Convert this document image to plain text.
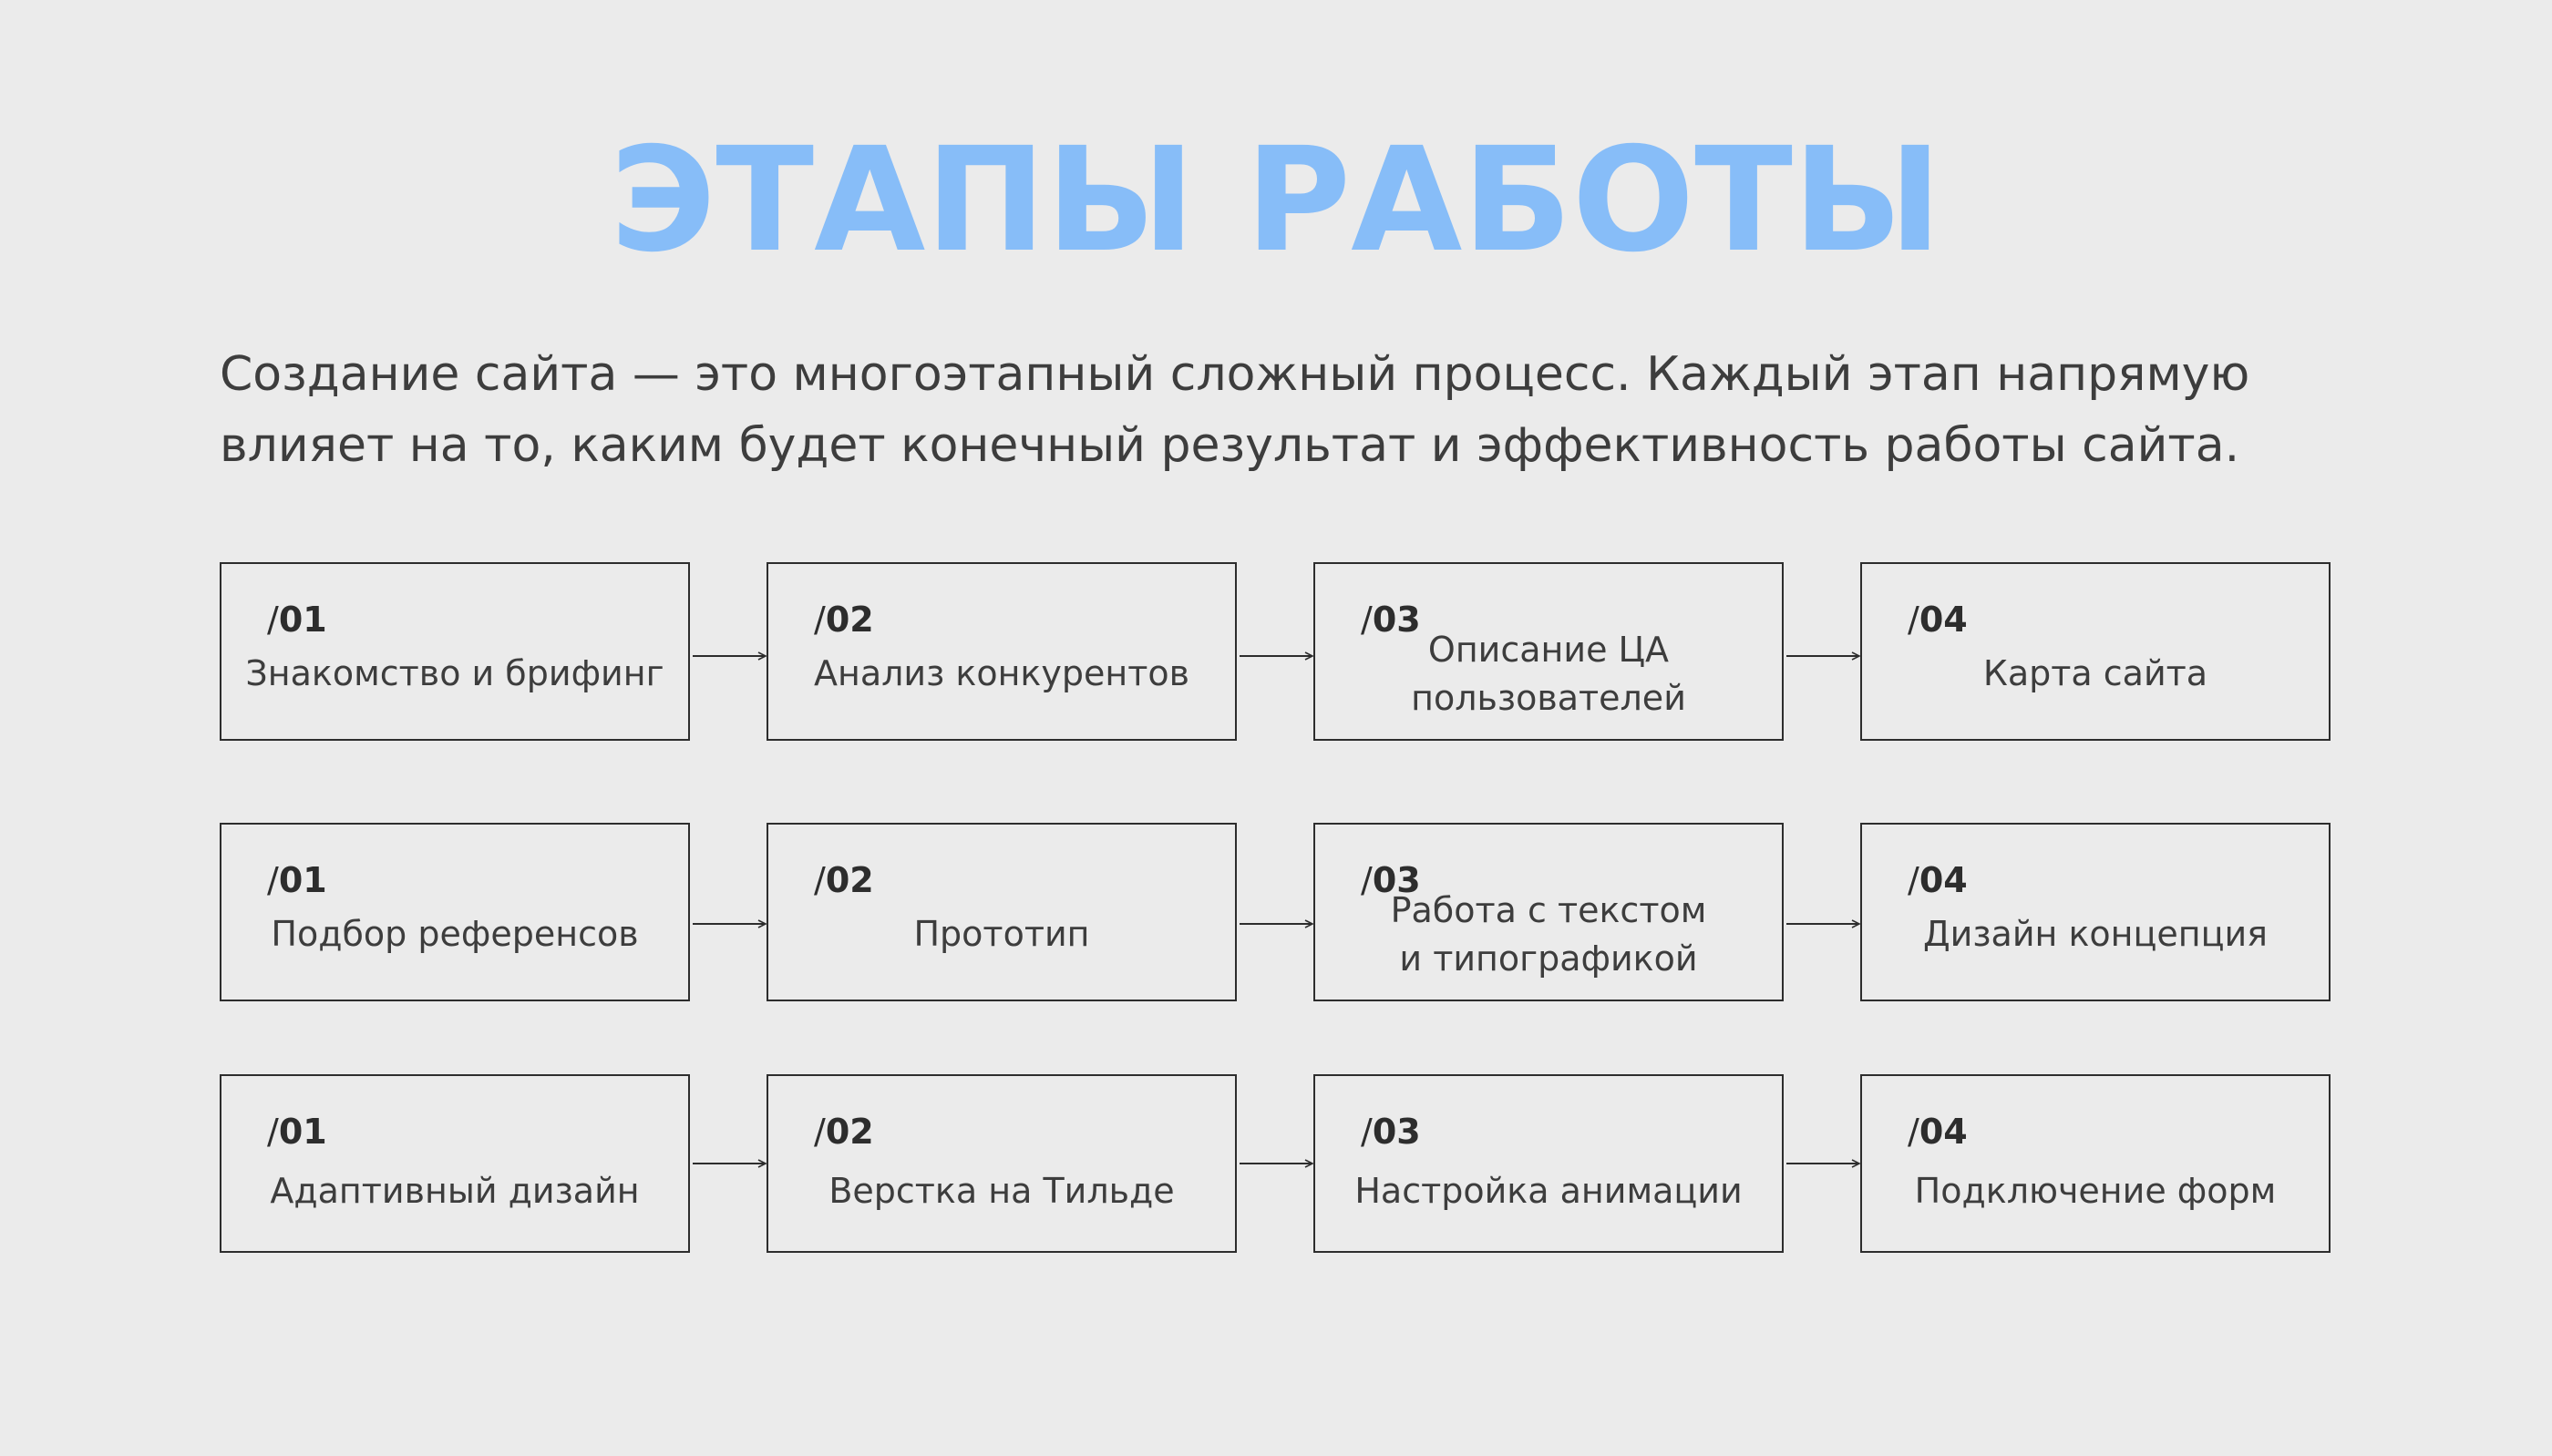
ЭТАПЫ РАБОТЫ
Создание сайта — это многоэтапный сложный процесс. Каждый этап напрямую
влияет на то, каким будет конечный результат и эффективность работы сайта.
/01
Знакомство и брифинг
/02
Анализ конкурентов
/03
Описание ЦА
пользователей
/04
Карта сайта
/01
Подбор референсов
/02
Прототип
/03
Работа с текстом
и типографикой
/04
Дизайн концепция
/01
Адаптивный дизайн
/02
Верстка на Тильде
/03
Настройка анимации
/04
Подключение форм
